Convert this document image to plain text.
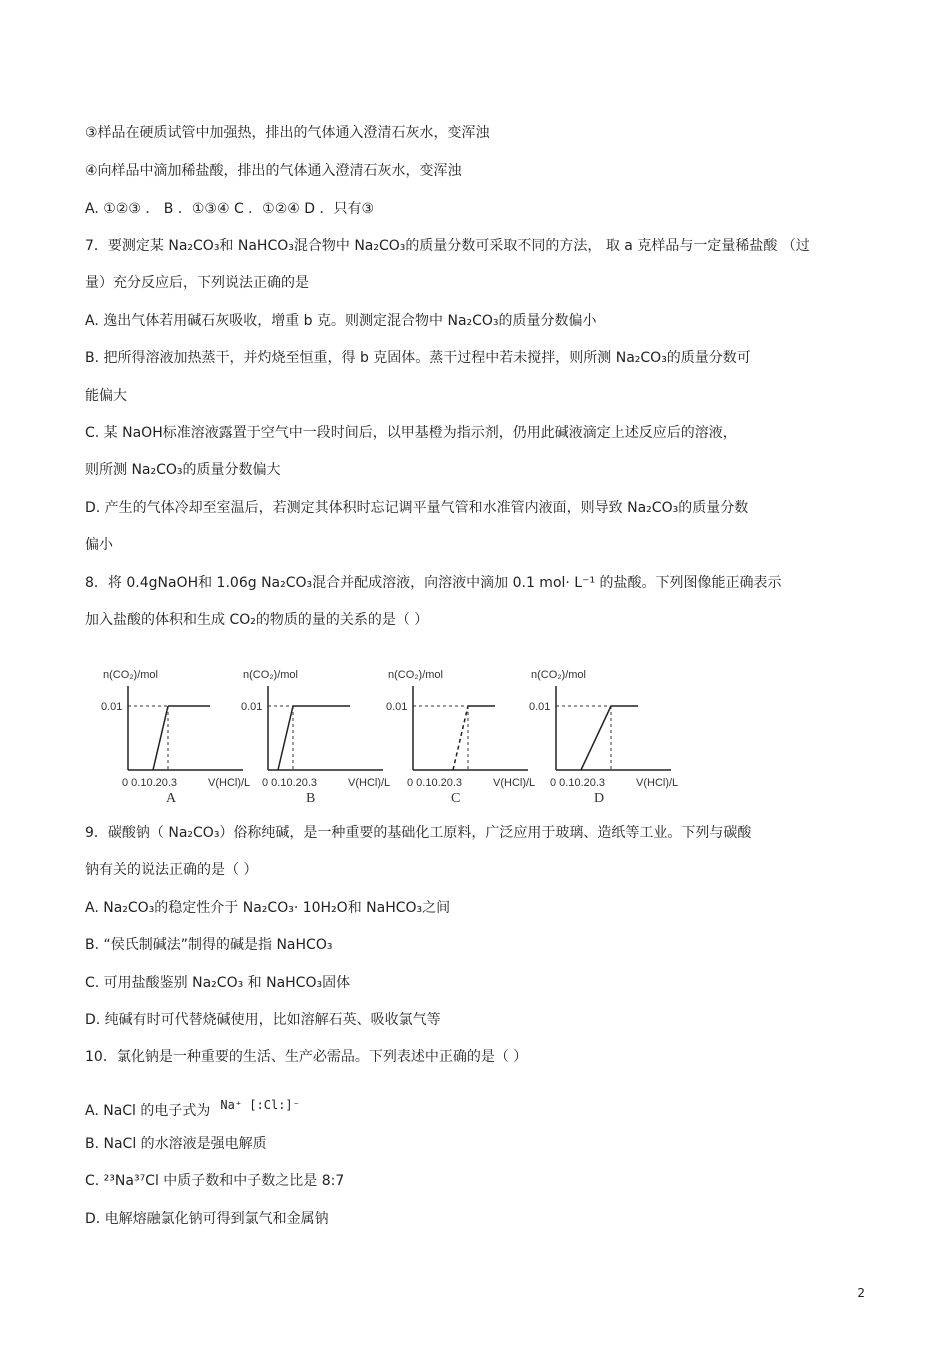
③样品在硬质试管中加强热，排出的气体通入澄清石灰水，变浑浊
④向样品中滴加稀盐酸，排出的气体通入澄清石灰水，变浑浊
A. ①②③ ． B ．①③④ C ．①②④ D ．只有③
7．要测定某 Na₂CO₃和 NaHCO₃混合物中 Na₂CO₃的质量分数可采取不同的方法， 取 a 克样品与一定量稀盐酸 （过
量）充分反应后，下列说法正确的是
A. 逸出气体若用碱石灰吸收，增重 b 克。则测定混合物中 Na₂CO₃的质量分数偏小
B. 把所得溶液加热蒸干，并灼烧至恒重，得 b 克固体。蒸干过程中若未搅拌，则所测 Na₂CO₃的质量分数可
能偏大
C. 某 NaOH标准溶液露置于空气中一段时间后，以甲基橙为指示剂，仍用此碱液滴定上述反应后的溶液，
则所测 Na₂CO₃的质量分数偏大
D. 产生的气体冷却至室温后，若测定其体积时忘记调平量气管和水准管内液面，则导致 Na₂CO₃的质量分数
偏小
8．将 0.4gNaOH和 1.06g Na₂CO₃混合并配成溶液，向溶液中滴加 0.1 mol· L⁻¹ 的盐酸。下列图像能正确表示
加入盐酸的体积和生成 CO₂的物质的量的关系的是（ ）
9．碳酸钠（ Na₂CO₃）俗称纯碱，是一种重要的基础化工原料，广泛应用于玻璃、造纸等工业。下列与碳酸
钠有关的说法正确的是（ ）
A. Na₂CO₃的稳定性介于 Na₂CO₃· 10H₂O和 NaHCO₃之间
B. “侯氏制碱法”制得的碱是指 NaHCO₃
C. 可用盐酸鉴别 Na₂CO₃ 和 NaHCO₃固体
D. 纯碱有时可代替烧碱使用，比如溶解石英、吸收氯气等
10．氯化钠是一种重要的生活、生产必需品。下列表述中正确的是（ ）
A. NaCl 的电子式为 Na⁺ [:Cl:]⁻
B. NaCl 的水溶液是强电解质
C. ²³Na³⁷Cl 中质子数和中子数之比是 8:7
D. 电解熔融氯化钠可得到氯气和金属钠
n(CO₂)/mol
0.01
0 0.10.20.3	V(HCl)/L
A
n(CO₂)/mol
0.01
0 0.10.20.3	V(HCl)/L
B
n(CO₂)/mol
0.01
0 0.10.20.3	V(HCl)/L
C
n(CO₂)/mol
0.01
0 0.10.20.3	V(HCl)/L
D
2
